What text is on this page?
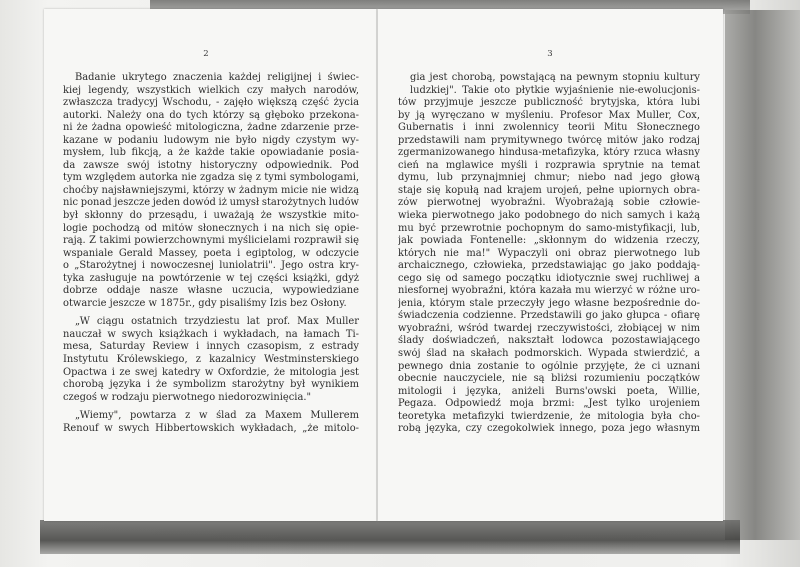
2
Badanie ukrytego znaczenia każdej religijnej i świec-
kiej legendy, wszystkich wielkich czy małych narodów,
zwłaszcza tradycyj Wschodu, - zajęło większą część życia
autorki. Należy ona do tych którzy są głęboko przekona-
ni że żadna opowieść mitologiczna, żadne zdarzenie prze-
kazane w podaniu ludowym nie było nigdy czystym wy-
mysłem, lub fikcją, a że każde takie opowiadanie posia-
da zawsze swój istotny historyczny odpowiednik. Pod
tym względem autorka nie zgadza się z tymi symbologami,
choćby najsławniejszymi, którzy w żadnym micie nie widzą
nic ponad jeszcze jeden dowód iż umysł starożytnych ludów
był skłonny do przesądu, i uważają że wszystkie mito-
logie pochodzą od mitów słonecznych i na nich się opie-
rają. Z takimi powierzchownymi myślicielami rozprawił się
wspaniale Gerald Massey, poeta i egiptolog, w odczycie
o „Starożytnej i nowoczesnej luniolatrii". Jego ostra kry-
tyka zasługuje na powtórzenie w tej części książki, gdyż
dobrze oddaje nasze własne uczucia, wypowiedziane
otwarcie jeszcze w 1875r., gdy pisaliśmy Izis bez Osłony.
„W ciągu ostatnich trzydziestu lat prof. Max Muller
nauczał w swych książkach i wykładach, na łamach Ti-
mesa, Saturday Review i innych czasopism, z estrady
Instytutu Królewskiego, z kazalnicy Westminsterskiego
Opactwa i ze swej katedry w Oxfordzie, że mitologia jest
chorobą języka i że symbolizm starożytny był wynikiem
czegoś w rodzaju pierwotnego niedorozwinięcia."
„Wiemy", powtarza z w ślad za Maxem Mullerem
Renouf w swych Hibbertowskich wykładach, „że mitolo-
3
gia jest chorobą, powstającą na pewnym stopniu kultury
ludzkiej". Takie oto płytkie wyjaśnienie nie-ewolucjonis-
tów przyjmuje jeszcze publiczność brytyjska, która lubi
by ją wyręczano w myśleniu. Profesor Max Muller, Cox,
Gubernatis i inni zwolennicy teorii Mitu Słonecznego
przedstawili nam prymitywnego twórcę mitów jako rodzaj
zgermanizowanego hindusa-metafizyka, który rzuca własny
cień na mglawice myśli i rozprawia sprytnie na temat
dymu, lub przynajmniej chmur; niebo nad jego głową
staje się kopułą nad krajem urojeń, pełne upiornych obra-
zów pierwotnej wyobraźni. Wyobrażają sobie człowie-
wieka pierwotnego jako podobnego do nich samych i każą
mu być przewrotnie pochopnym do samo-mistyfikacji, lub,
jak powiada Fontenelle: „skłonnym do widzenia rzeczy,
których nie ma!" Wypaczyli oni obraz pierwotnego lub
archaicznego, człowieka, przedstawiając go jako poddają-
cego się od samego początku idiotycznie swej ruchliwej a
niesfornej wyobraźni, która kazała mu wierzyć w różne uro-
jenia, którym stale przeczyły jego własne bezpośrednie do-
świadczenia codzienne. Przedstawili go jako głupca - ofiarę
wyobraźni, wśród twardej rzeczywistości, złobiącej w nim
ślady doświadczeń, nakształt lodowca pozostawiającego
swój ślad na skałach podmorskich. Wypada stwierdzić, a
pewnego dnia zostanie to ogólnie przyjęte, że ci uznani
obecnie nauczyciele, nie są bliżsi rozumieniu początków
mitologii i języka, aniżeli Burns'owski poeta, Willie,
Pegaza. Odpowiedź moja brzmi: „Jest tylko urojeniem
teoretyka metafizyki twierdzenie, że mitologia była cho-
robą języka, czy czegokolwiek innego, poza jego własnym
